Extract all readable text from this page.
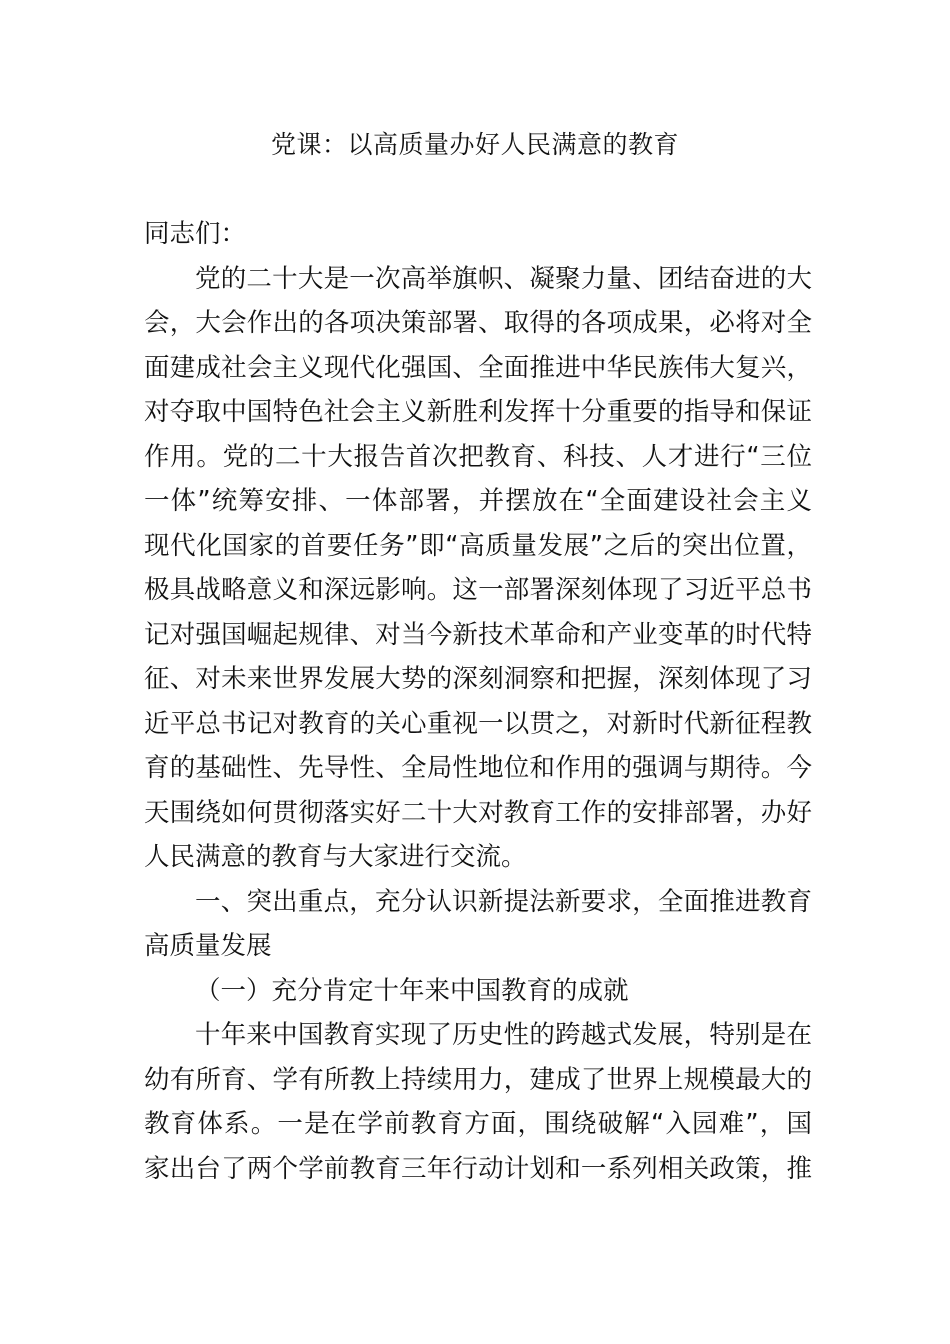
党课：以高质量办好人民满意的教育
同志们：
党的二十大是一次高举旗帜、凝聚力量、团结奋进的大
会，大会作出的各项决策部署、取得的各项成果，必将对全
面建成社会主义现代化强国、全面推进中华民族伟大复兴，
对夺取中国特色社会主义新胜利发挥十分重要的指导和保证
作用。党的二十大报告首次把教育、科技、人才进行“三位
一体”统筹安排、一体部署，并摆放在“全面建设社会主义
现代化国家的首要任务”即“高质量发展”之后的突出位置，
极具战略意义和深远影响。这一部署深刻体现了习近平总书
记对强国崛起规律、对当今新技术革命和产业变革的时代特
征、对未来世界发展大势的深刻洞察和把握，深刻体现了习
近平总书记对教育的关心重视一以贯之，对新时代新征程教
育的基础性、先导性、全局性地位和作用的强调与期待。今
天围绕如何贯彻落实好二十大对教育工作的安排部署，办好
人民满意的教育与大家进行交流。
一、突出重点，充分认识新提法新要求，全面推进教育
高质量发展
（一）充分肯定十年来中国教育的成就
十年来中国教育实现了历史性的跨越式发展，特别是在
幼有所育、学有所教上持续用力，建成了世界上规模最大的
教育体系。一是在学前教育方面，围绕破解“入园难”，国
家出台了两个学前教育三年行动计划和一系列相关政策，推
